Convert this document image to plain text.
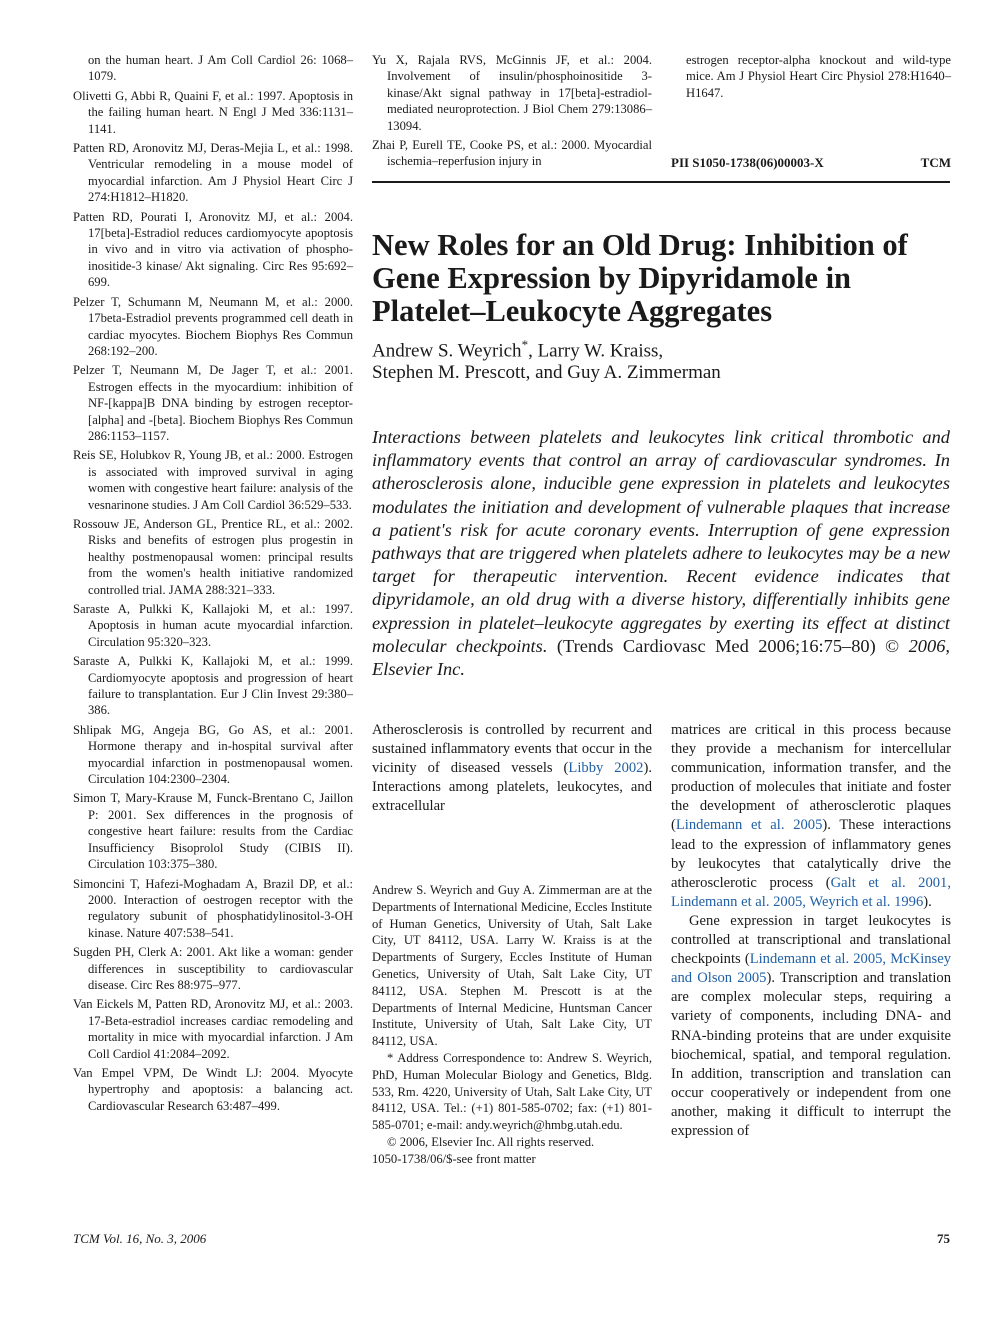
on the human heart. J Am Coll Cardiol 26: 1068–1079.

Olivetti G, Abbi R, Quaini F, et al.: 1997. Apoptosis in the failing human heart. N Engl J Med 336:1131–1141.

Patten RD, Aronovitz MJ, Deras-Mejia L, et al.: 1998. Ventricular remodeling in a mouse model of myocardial infarction. Am J Physiol Heart Circ J 274:H1812–H1820.

Patten RD, Pourati I, Aronovitz MJ, et al.: 2004. 17[beta]-Estradiol reduces cardiomyocyte apoptosis in vivo and in vitro via activation of phospho-inositide-3 kinase/ Akt signaling. Circ Res 95:692–699.

Pelzer T, Schumann M, Neumann M, et al.: 2000. 17beta-Estradiol prevents programmed cell death in cardiac myocytes. Biochem Biophys Res Commun 268:192–200.

Pelzer T, Neumann M, De Jager T, et al.: 2001. Estrogen effects in the myocardium: inhibition of NF-[kappa]B DNA binding by estrogen receptor-[alpha] and -[beta]. Biochem Biophys Res Commun 286:1153–1157.

Reis SE, Holubkov R, Young JB, et al.: 2000. Estrogen is associated with improved survival in aging women with congestive heart failure: analysis of the vesnarinone studies. J Am Coll Cardiol 36:529–533.

Rossouw JE, Anderson GL, Prentice RL, et al.: 2002. Risks and benefits of estrogen plus progestin in healthy postmenopausal women: principal results from the women's health initiative randomized controlled trial. JAMA 288:321–333.

Saraste A, Pulkki K, Kallajoki M, et al.: 1997. Apoptosis in human acute myocardial infarction. Circulation 95:320–323.

Saraste A, Pulkki K, Kallajoki M, et al.: 1999. Cardiomyocyte apoptosis and progression of heart failure to transplantation. Eur J Clin Invest 29:380–386.

Shlipak MG, Angeja BG, Go AS, et al.: 2001. Hormone therapy and in-hospital survival after myocardial infarction in postmenopausal women. Circulation 104:2300–2304.

Simon T, Mary-Krause M, Funck-Brentano C, Jaillon P: 2001. Sex differences in the prognosis of congestive heart failure: results from the Cardiac Insufficiency Bisoprolol Study (CIBIS II). Circulation 103:375–380.

Simoncini T, Hafezi-Moghadam A, Brazil DP, et al.: 2000. Interaction of oestrogen receptor with the regulatory subunit of phosphatidylinositol-3-OH kinase. Nature 407:538–541.

Sugden PH, Clerk A: 2001. Akt like a woman: gender differences in susceptibility to cardiovascular disease. Circ Res 88:975–977.

Van Eickels M, Patten RD, Aronovitz MJ, et al.: 2003. 17-Beta-estradiol increases cardiac remodeling and mortality in mice with myocardial infarction. J Am Coll Cardiol 41:2084–2092.

Van Empel VPM, De Windt LJ: 2004. Myocyte hypertrophy and apoptosis: a balancing act. Cardiovascular Research 63:487–499.

Yu X, Rajala RVS, McGinnis JF, et al.: 2004. Involvement of insulin/phosphoinositide 3-kinase/Akt signal pathway in 17[beta]-estradiol-mediated neuroprotection. J Biol Chem 279:13086–13094.

Zhai P, Eurell TE, Cooke PS, et al.: 2000. Myocardial ischemia–reperfusion injury in

estrogen receptor-alpha knockout and wild-type mice. Am J Physiol Heart Circ Physiol 278:H1640–H1647.

PII S1050-1738(06)00003-X	TCM
New Roles for an Old Drug: Inhibition of Gene Expression by Dipyridamole in Platelet–Leukocyte Aggregates
Andrew S. Weyrich*, Larry W. Kraiss,
Stephen M. Prescott, and Guy A. Zimmerman

Interactions between platelets and leukocytes link critical thrombotic and inflammatory events that control an array of cardiovascular syndromes. In atherosclerosis alone, inducible gene expression in platelets and leukocytes modulates the initiation and development of vulnerable plaques that increase a patient's risk for acute coronary events. Interruption of gene expression pathways that are triggered when platelets adhere to leukocytes may be a new target for therapeutic intervention. Recent evidence indicates that dipyridamole, an old drug with a diverse history, differentially inhibits gene expression in platelet–leukocyte aggregates by exerting its effect at distinct molecular checkpoints. (Trends Cardiovasc Med 2006;16:75–80) © 2006, Elsevier Inc.

Atherosclerosis is controlled by recurrent and sustained inflammatory events that occur in the vicinity of diseased vessels (Libby 2002). Interactions among platelets, leukocytes, and extracellular

Andrew S. Weyrich and Guy A. Zimmerman are at the Departments of International Medicine, Eccles Institute of Human Genetics, University of Utah, Salt Lake City, UT 84112, USA. Larry W. Kraiss is at the Departments of Surgery, Eccles Institute of Human Genetics, University of Utah, Salt Lake City, UT 84112, USA. Stephen M. Prescott is at the Departments of Internal Medicine, Huntsman Cancer Institute, University of Utah, Salt Lake City, UT 84112, USA.

* Address Correspondence to: Andrew S. Weyrich, PhD, Human Molecular Biology and Genetics, Bldg. 533, Rm. 4220, University of Utah, Salt Lake City, UT 84112, USA. Tel.: (+1) 801-585-0702; fax: (+1) 801-585-0701; e-mail: andy.weyrich@hmbg.utah.edu.

© 2006, Elsevier Inc. All rights reserved.

1050-1738/06/$-see front matter

matrices are critical in this process because they provide a mechanism for intercellular communication, information transfer, and the production of molecules that initiate and foster the development of atherosclerotic plaques (Lindemann et al. 2005). These interactions lead to the expression of inflammatory genes by leukocytes that catalytically drive the atherosclerotic process (Galt et al. 2001, Lindemann et al. 2005, Weyrich et al. 1996).

Gene expression in target leukocytes is controlled at transcriptional and translational checkpoints (Lindemann et al. 2005, McKinsey and Olson 2005). Transcription and translation are complex molecular steps, requiring a variety of components, including DNA- and RNA-binding proteins that are under exquisite biochemical, spatial, and temporal regulation. In addition, transcription and translation can occur cooperatively or independent from one another, making it difficult to interrupt the expression of

TCM Vol. 16, No. 3, 2006	75
